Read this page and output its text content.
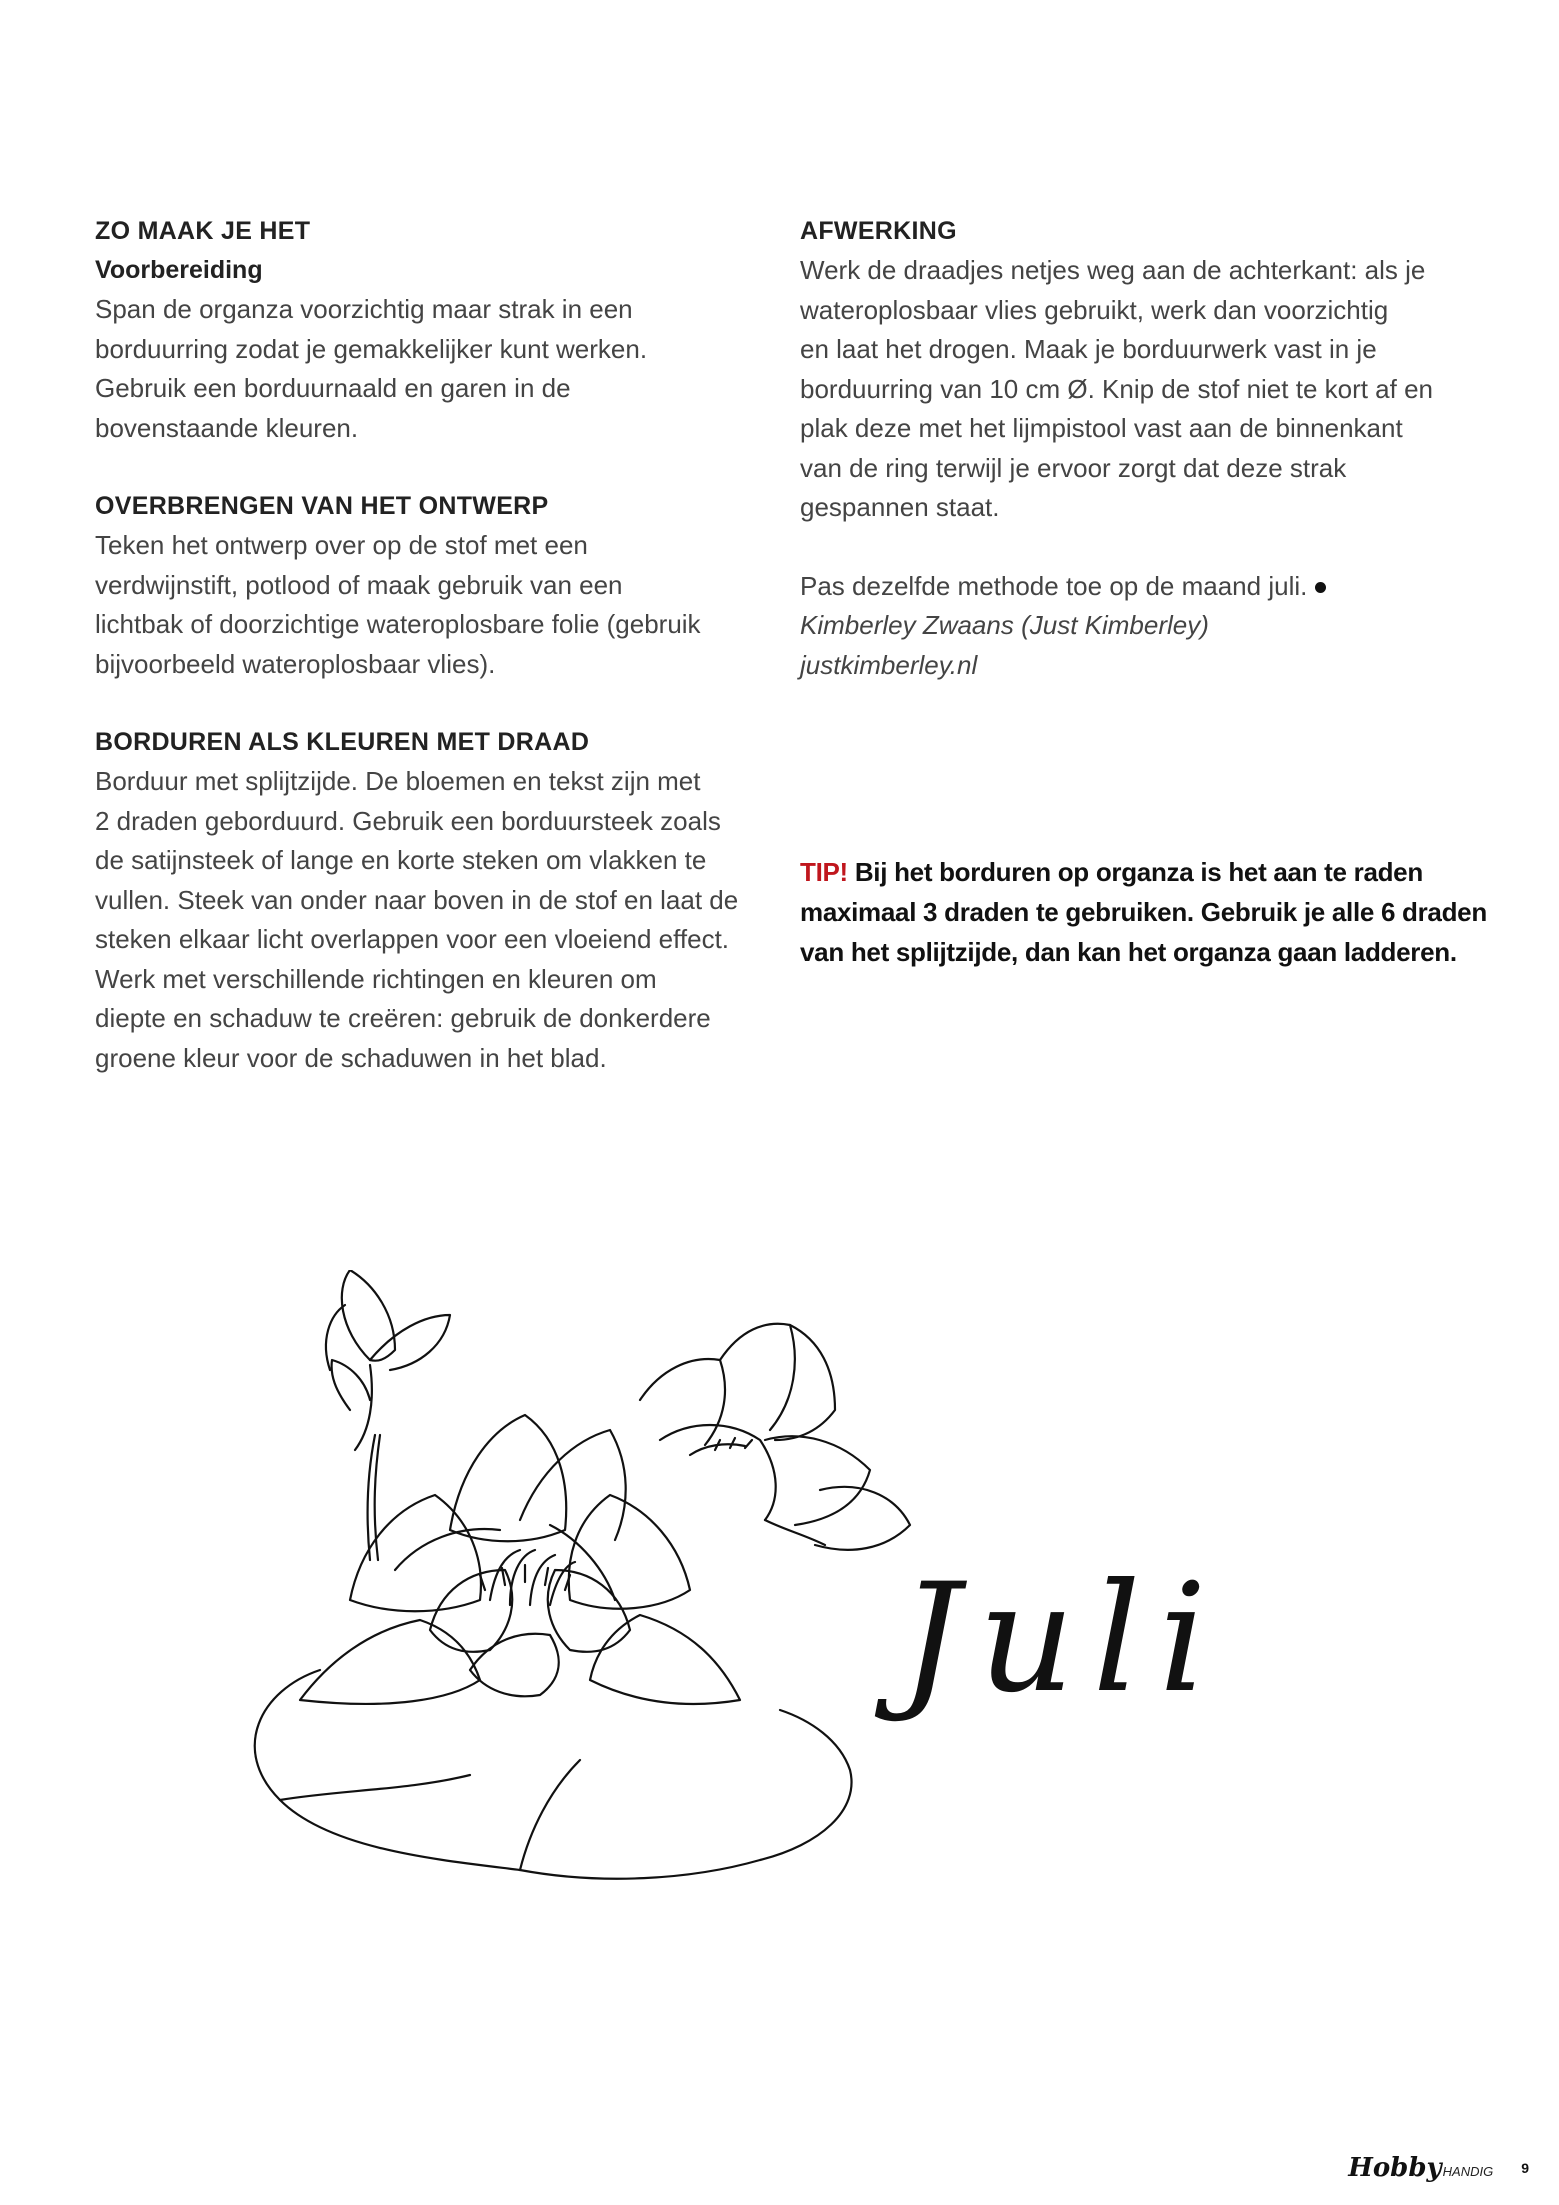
ZO MAAK JE HET

Voorbereiding

Span de organza voorzichtig maar strak in een

borduurring zodat je gemakkelijker kunt werken.

Gebruik een borduurnaald en garen in de

bovenstaande kleuren.

OVERBRENGEN VAN HET ONTWERP

Teken het ontwerp over op de stof met een

verdwijnstift, potlood of maak gebruik van een

lichtbak of doorzichtige wateroplosbare folie (gebruik

bijvoorbeeld wateroplosbaar vlies).

BORDUREN ALS KLEUREN MET DRAAD

Borduur met splijtzijde. De bloemen en tekst zijn met

2 draden geborduurd. Gebruik een borduursteek zoals

de satijnsteek of lange en korte steken om vlakken te

vullen. Steek van onder naar boven in de stof en laat de

steken elkaar licht overlappen voor een vloeiend effect.

Werk met verschillende richtingen en kleuren om

diepte en schaduw te creëren: gebruik de donkerdere

groene kleur voor de schaduwen in het blad.

AFWERKING

Werk de draadjes netjes weg aan de achterkant: als je

wateroplosbaar vlies gebruikt, werk dan voorzichtig

en laat het drogen. Maak je borduurwerk vast in je

borduurring van 10 cm Ø. Knip de stof niet te kort af en

plak deze met het lijmpistool vast aan de binnenkant

van de ring terwijl je ervoor zorgt dat deze strak

gespannen staat.

Pas dezelfde methode toe op de maand juli.

Kimberley Zwaans (Just Kimberley)

justkimberley.nl

TIP! Bij het borduren op organza is het aan te raden
maximaal 3 draden te gebruiken. Gebruik je alle 6 draden
van het splijtzijde, dan kan het organza gaan ladderen.
Juli
HobbyHANDIG 9
